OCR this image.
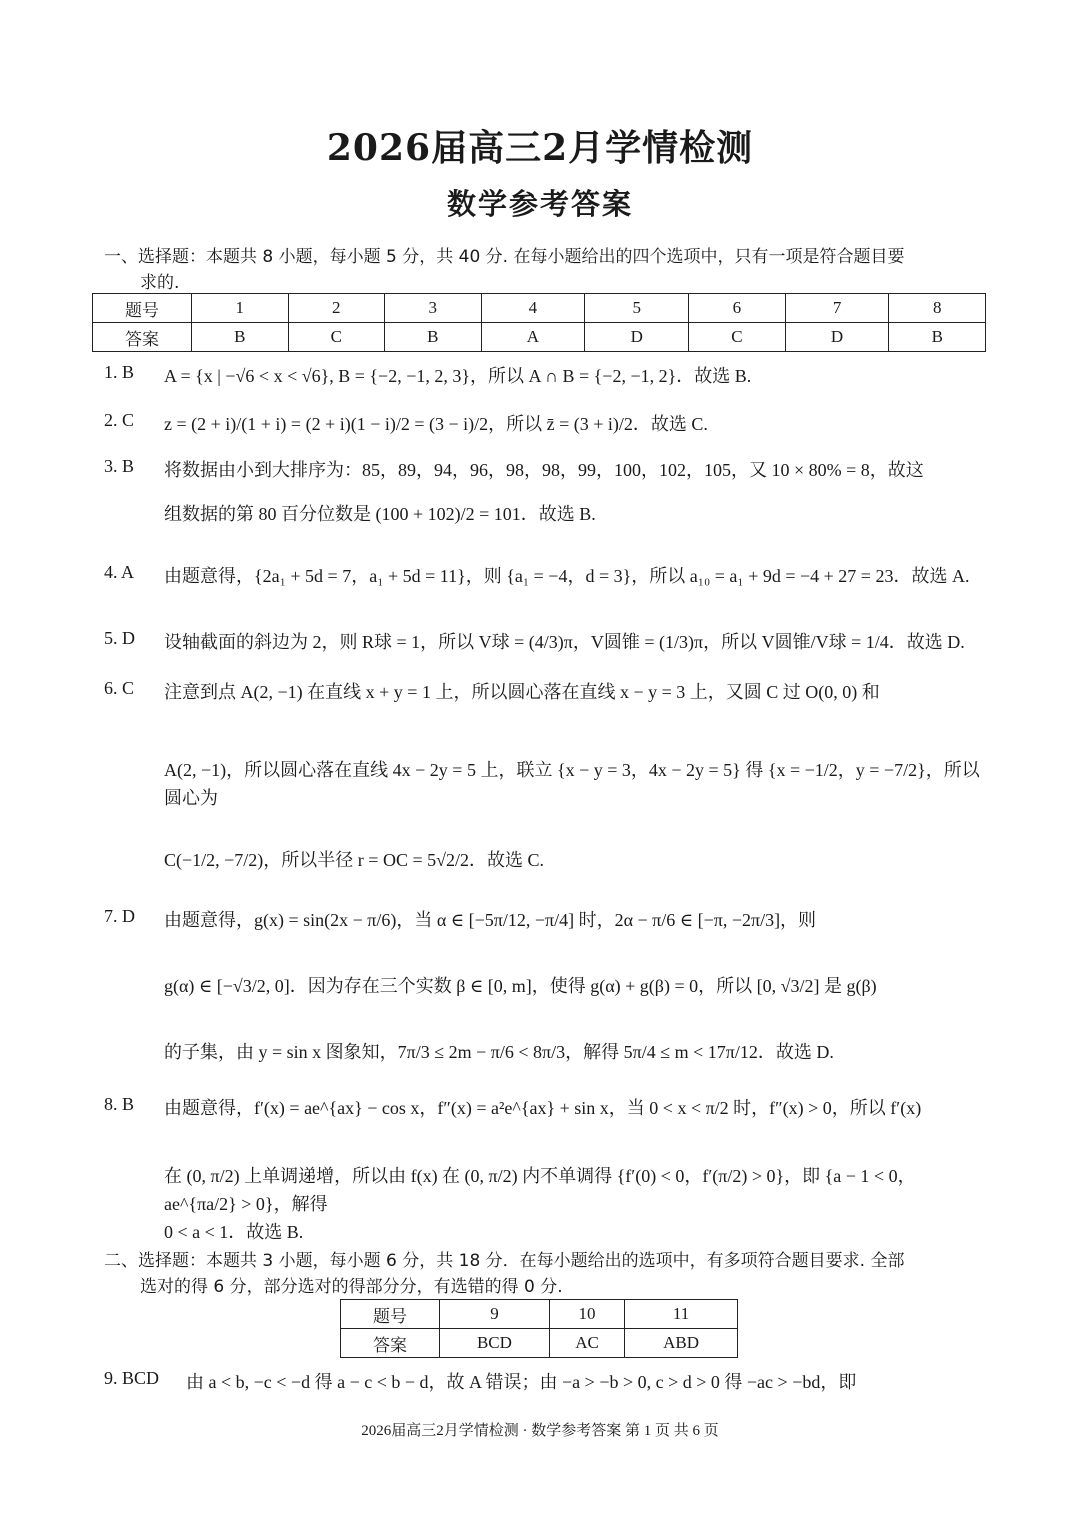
2026届高三2月学情检测
数学参考答案
一、选择题：本题共 8 小题，每小题 5 分，共 40 分. 在每小题给出的四个选项中，只有一项是符合题目要
求的.
题号	1	2	3	4	5	6	7	8
答案	B	C	B	A	D	C	D	B
1. B	A = {x | −√6 < x < √6}, B = {−2, −1, 2, 3}，所以 A ∩ B = {−2, −1, 2}．故选 B.
2. C	z = (2 + i)/(1 + i) = (2 + i)(1 − i)/2 = (3 − i)/2，所以 z̄ = (3 + i)/2．故选 C.
3. B	将数据由小到大排序为：85，89，94，96，98，98，99，100，102，105，又 10 × 80% = 8，故这
组数据的第 80 百分位数是 (100 + 102)/2 = 101．故选 B.
4. A	由题意得，{2a₁ + 5d = 7，a₁ + 5d = 11}，则 {a₁ = −4，d = 3}，所以 a₁₀ = a₁ + 9d = −4 + 27 = 23．故选 A.
5. D	设轴截面的斜边为 2，则 R球 = 1，所以 V球 = (4/3)π，V圆锥 = (1/3)π，所以 V圆锥/V球 = 1/4．故选 D.
6. C	注意到点 A(2, −1) 在直线 x + y = 1 上，所以圆心落在直线 x − y = 3 上，又圆 C 过 O(0, 0) 和
A(2, −1)，所以圆心落在直线 4x − 2y = 5 上，联立 {x − y = 3，4x − 2y = 5} 得 {x = −1/2，y = −7/2}，所以圆心为
C(−1/2, −7/2)，所以半径 r = OC = 5√2/2．故选 C.
7. D	由题意得，g(x) = sin(2x − π/6)，当 α ∈ [−5π/12, −π/4] 时，2α − π/6 ∈ [−π, −2π/3]，则
g(α) ∈ [−√3/2, 0]．因为存在三个实数 β ∈ [0, m]，使得 g(α) + g(β) = 0，所以 [0, √3/2] 是 g(β)
的子集，由 y = sin x 图象知，7π/3 ≤ 2m − π/6 < 8π/3，解得 5π/4 ≤ m < 17π/12．故选 D.
8. B	由题意得，f′(x) = ae^{ax} − cos x，f″(x) = a²e^{ax} + sin x，当 0 < x < π/2 时，f″(x) > 0，所以 f′(x)
在 (0, π/2) 上单调递增，所以由 f(x) 在 (0, π/2) 内不单调得 {f′(0) < 0，f′(π/2) > 0}，即 {a − 1 < 0，ae^{πa/2} > 0}，解得
0 < a < 1．故选 B.
二、选择题：本题共 3 小题，每小题 6 分，共 18 分．在每小题给出的选项中，有多项符合题目要求. 全部
选对的得 6 分，部分选对的得部分分，有选错的得 0 分.
题号	9	10	11
答案	BCD	AC	ABD
9. BCD	由 a < b, −c < −d 得 a − c < b − d，故 A 错误；由 −a > −b > 0, c > d > 0 得 −ac > −bd，即
2026届高三2月学情检测 · 数学参考答案 第 1 页 共 6 页
